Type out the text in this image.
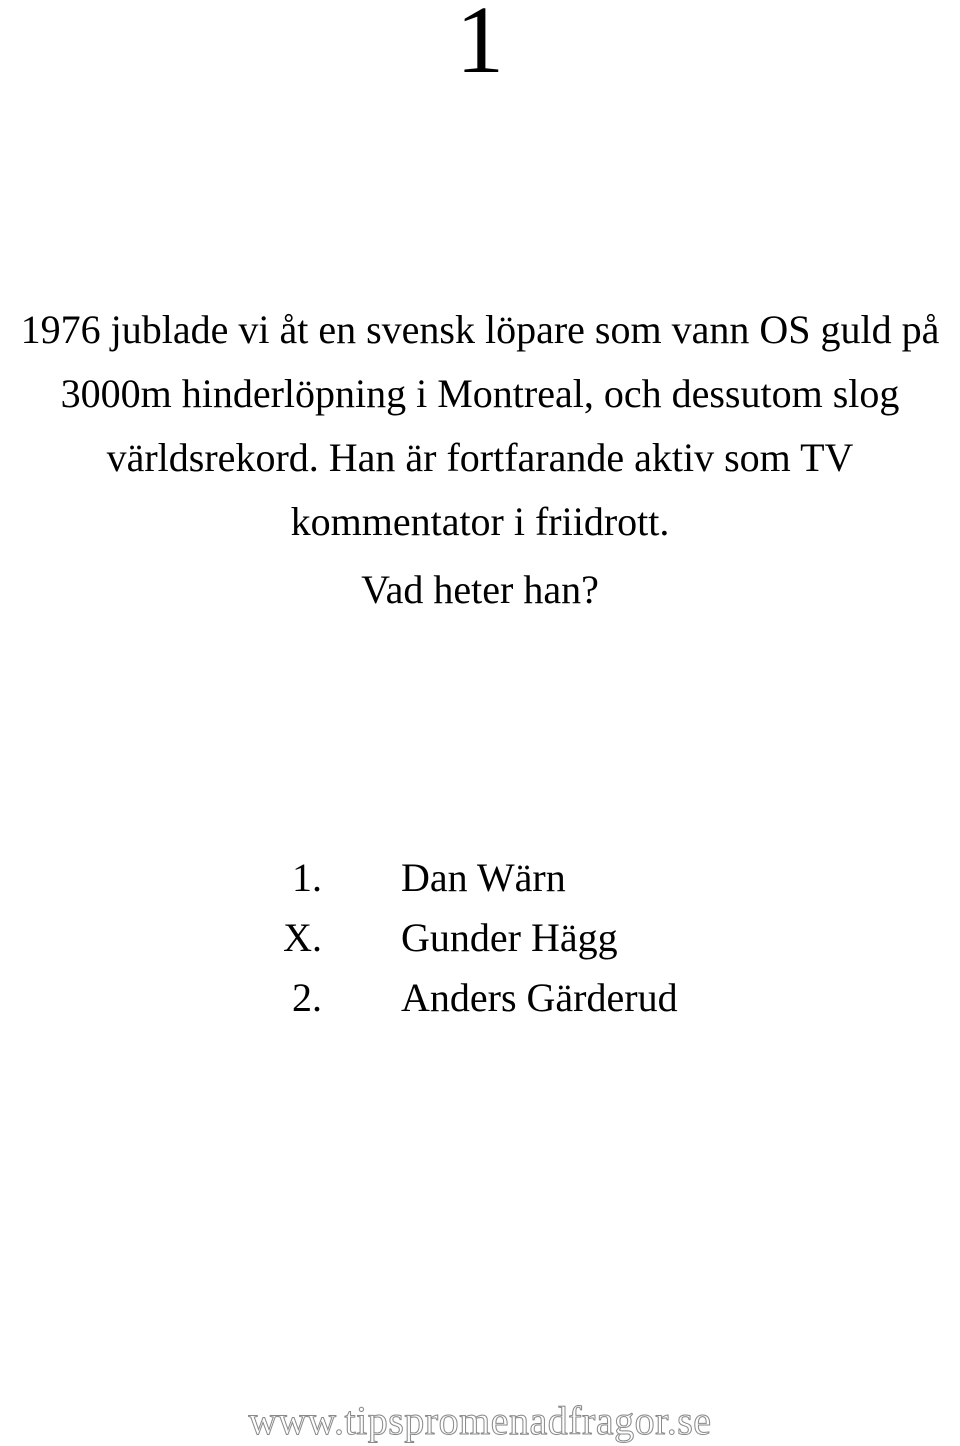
1
1976 jublade vi åt en svensk löpare som vann OS guld på
3000m hinderlöpning i Montreal, och dessutom slog
världsrekord. Han är fortfarande aktiv som TV
kommentator i friidrott.
Vad heter han?
1. Dan Wärn
X. Gunder Hägg
2. Anders Gärderud
www.tipspromenadfragor.se
